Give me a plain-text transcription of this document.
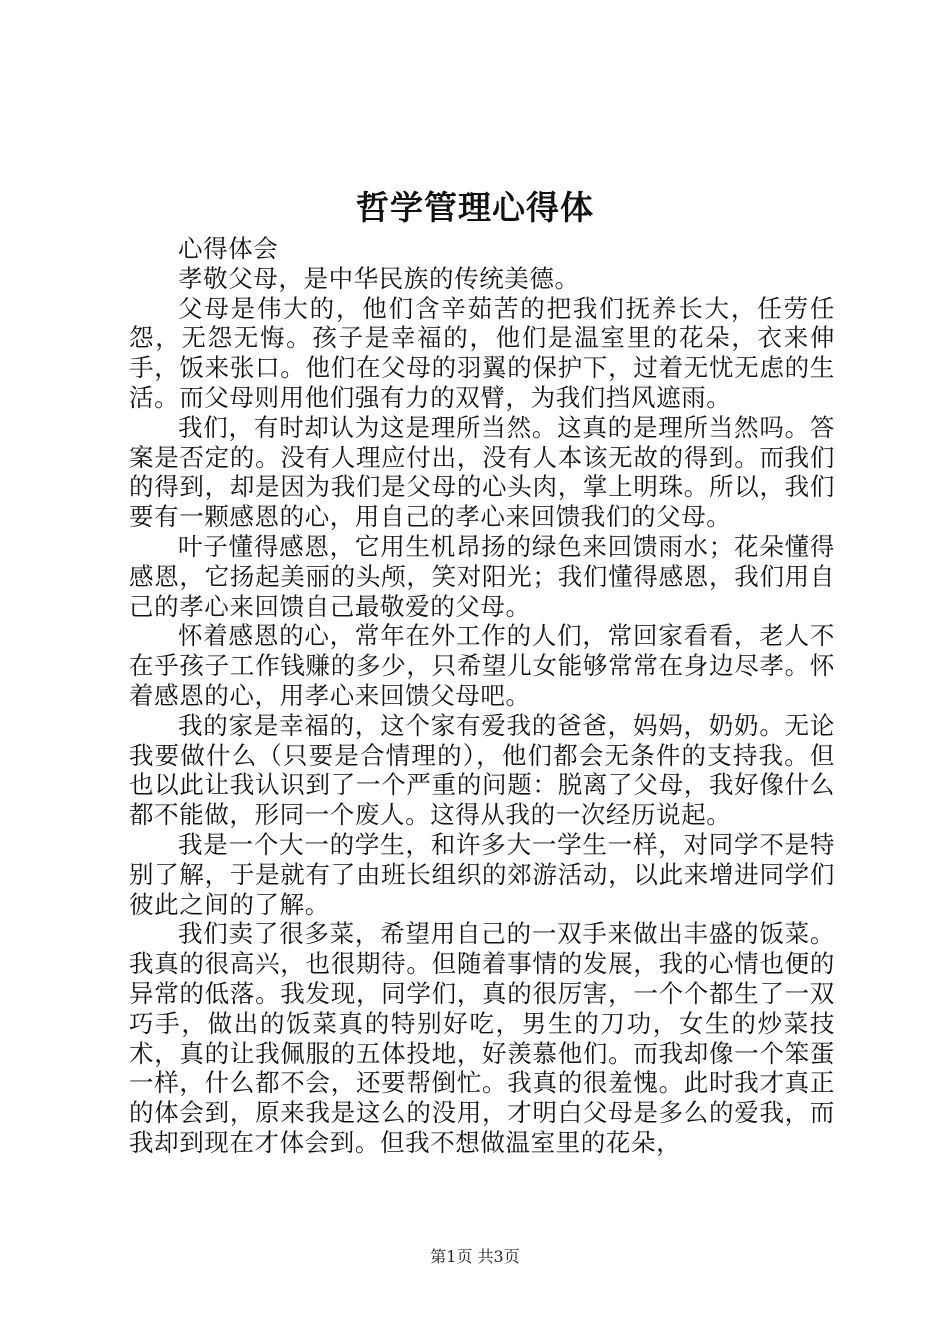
哲学管理心得体

心得体会

孝敬父母，是中华民族的传统美德。

父母是伟大的，他们含辛茹苦的把我们抚养长大，任劳任怨，无怨无悔。孩子是幸福的，他们是温室里的花朵，衣来伸手，饭来张口。他们在父母的羽翼的保护下，过着无忧无虑的生活。而父母则用他们强有力的双臂，为我们挡风遮雨。

我们，有时却认为这是理所当然。这真的是理所当然吗。答案是否定的。没有人理应付出，没有人本该无故的得到。而我们的得到，却是因为我们是父母的心头肉，掌上明珠。所以，我们要有一颗感恩的心，用自己的孝心来回馈我们的父母。

叶子懂得感恩，它用生机昂扬的绿色来回馈雨水；花朵懂得感恩，它扬起美丽的头颅，笑对阳光；我们懂得感恩，我们用自己的孝心来回馈自己最敬爱的父母。

怀着感恩的心，常年在外工作的人们，常回家看看，老人不在乎孩子工作钱赚的多少，只希望儿女能够常常在身边尽孝。怀着感恩的心，用孝心来回馈父母吧。

我的家是幸福的，这个家有爱我的爸爸，妈妈，奶奶。无论我要做什么（只要是合情理的），他们都会无条件的支持我。但也以此让我认识到了一个严重的问题：脱离了父母，我好像什么都不能做，形同一个废人。这得从我的一次经历说起。

我是一个大一的学生，和许多大一学生一样，对同学不是特别了解，于是就有了由班长组织的郊游活动，以此来增进同学们彼此之间的了解。

我们卖了很多菜，希望用自己的一双手来做出丰盛的饭菜。我真的很高兴，也很期待。但随着事情的发展，我的心情也便的异常的低落。我发现，同学们，真的很厉害，一个个都生了一双巧手，做出的饭菜真的特别好吃，男生的刀功，女生的炒菜技术，真的让我佩服的五体投地，好羡慕他们。而我却像一个笨蛋一样，什么都不会，还要帮倒忙。我真的很羞愧。此时我才真正的体会到，原来我是这么的没用，才明白父母是多么的爱我，而我却到现在才体会到。但我不想做温室里的花朵，

第1页 共3页
